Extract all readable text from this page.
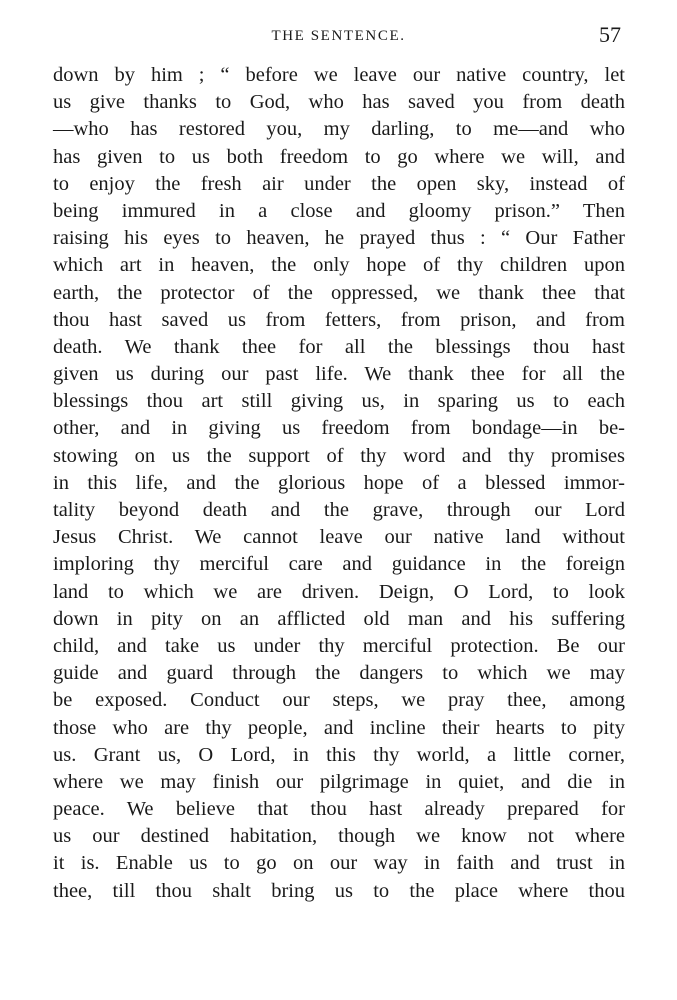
THE SENTENCE.	57
down by him ; “ before we leave our native country, let
us give thanks to God, who has saved you from death
—who has restored you, my darling, to me—and who
has given to us both freedom to go where we will, and
to enjoy the fresh air under the open sky, instead of
being immured in a close and gloomy prison.” Then
raising his eyes to heaven, he prayed thus : “ Our Father
which art in heaven, the only hope of thy children upon
earth, the protector of the oppressed, we thank thee that
thou hast saved us from fetters, from prison, and from
death. We thank thee for all the blessings thou hast
given us during our past life. We thank thee for all the
blessings thou art still giving us, in sparing us to each
other, and in giving us freedom from bondage—in be-
stowing on us the support of thy word and thy promises
in this life, and the glorious hope of a blessed immor-
tality beyond death and the grave, through our Lord
Jesus Christ. We cannot leave our native land without
imploring thy merciful care and guidance in the foreign
land to which we are driven. Deign, O Lord, to look
down in pity on an afflicted old man and his suffering
child, and take us under thy merciful protection. Be our
guide and guard through the dangers to which we may
be exposed. Conduct our steps, we pray thee, among
those who are thy people, and incline their hearts to pity
us. Grant us, O Lord, in this thy world, a little corner,
where we may finish our pilgrimage in quiet, and die in
peace. We believe that thou hast already prepared for
us our destined habitation, though we know not where
it is. Enable us to go on our way in faith and trust in
thee, till thou shalt bring us to the place where thou
